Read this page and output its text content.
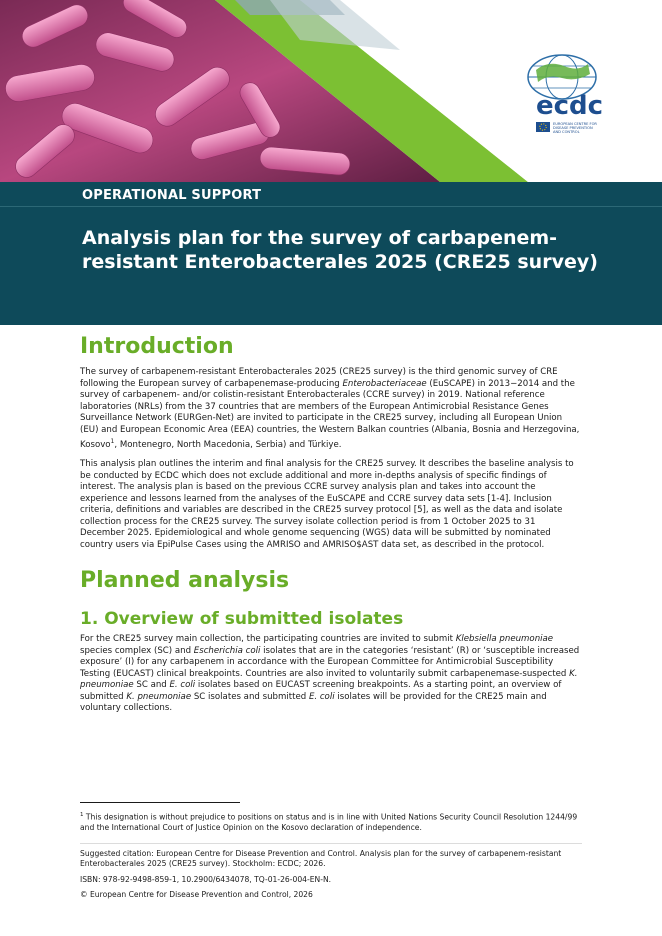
ecdc
EUROPEAN CENTRE FOR
DISEASE PREVENTION
AND CONTROL
OPERATIONAL SUPPORT
Analysis plan for the survey of carbapenem-resistant Enterobacterales 2025 (CRE25 survey)
Introduction

The survey of carbapenem-resistant Enterobacterales 2025 (CRE25 survey) is the third genomic survey of CRE following the European survey of carbapenemase-producing Enterobacteriaceae (EuSCAPE) in 2013−2014 and the survey of carbapenem- and/or colistin-resistant Enterobacterales (CCRE survey) in 2019. National reference laboratories (NRLs) from the 37 countries that are members of the European Antimicrobial Resistance Genes Surveillance Network (EURGen-Net) are invited to participate in the CRE25 survey, including all European Union (EU) and European Economic Area (EEA) countries, the Western Balkan countries (Albania, Bosnia and Herzegovina, Kosovo$^1$, Montenegro, North Macedonia, Serbia) and Türkiye.

This analysis plan outlines the interim and final analysis for the CRE25 survey. It describes the baseline analysis to be conducted by ECDC which does not exclude additional and more in-depths analysis of specific findings of interest. The analysis plan is based on the previous CCRE survey analysis plan and takes into account the experience and lessons learned from the analyses of the EuSCAPE and CCRE survey data sets [1-4]. Inclusion criteria, definitions and variables are described in the CRE25 survey protocol [5], as well as the data and isolate collection process for the CRE25 survey. The survey isolate collection period is from 1 October 2025 to 31 December 2025. Epidemiological and whole genome sequencing (WGS) data will be submitted by nominated country users via EpiPulse Cases using the AMRISO and AMRISO$AST data set, as described in the protocol.

Planned analysis
1. Overview of submitted isolates

For the CRE25 survey main collection, the participating countries are invited to submit Klebsiella pneumoniae species complex (SC) and Escherichia coli isolates that are in the categories ‘resistant’ (R) or ‘susceptible increased exposure’ (I) for any carbapenem in accordance with the European Committee for Antimicrobial Susceptibility Testing (EUCAST) clinical breakpoints. Countries are also invited to voluntarily submit carbapenemase-suspected K. pneumoniae SC and E. coli isolates based on EUCAST screening breakpoints. As a starting point, an overview of submitted K. pneumoniae SC isolates and submitted E. coli isolates will be provided for the CRE25 main and voluntary collections.

$^1$ This designation is without prejudice to positions on status and is in line with United Nations Security Council Resolution 1244/99 and the International Court of Justice Opinion on the Kosovo declaration of independence.
Suggested citation: European Centre for Disease Prevention and Control. Analysis plan for the survey of carbapenem-resistant Enterobacterales 2025 (CRE25 survey). Stockholm: ECDC; 2026.
ISBN: 978-92-9498-859-1, 10.2900/6434078, TQ-01-26-004-EN-N.
© European Centre for Disease Prevention and Control, 2026
